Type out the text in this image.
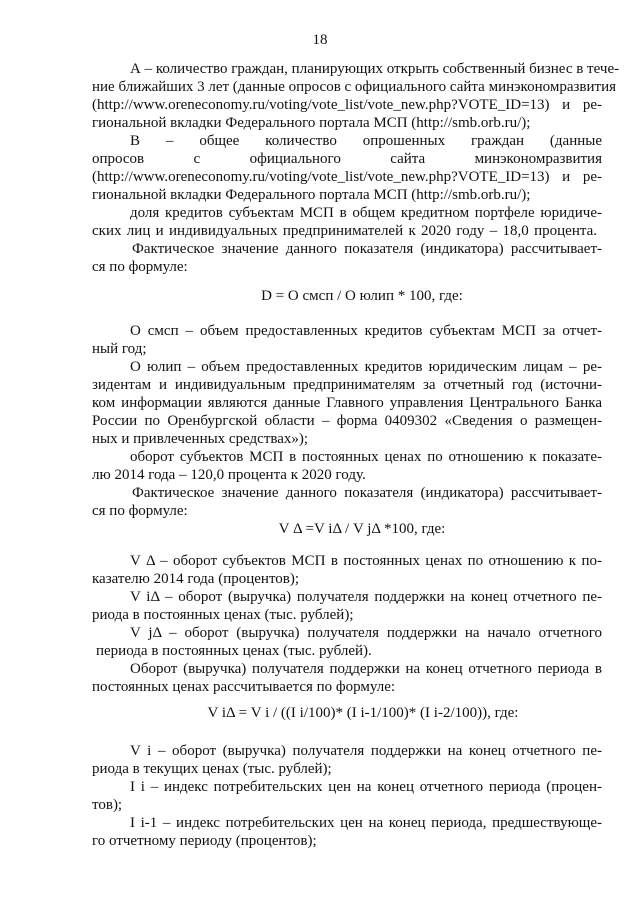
18
А – количество граждан, планирующих открыть собственный бизнес в тече-
ние ближайших 3 лет (данные опросов с официального сайта минэкономразвития
(http://www.oreneconomy.ru/voting/vote_list/vote_new.php?VOTE_ID=13) и ре-
гиональной вкладки Федерального портала МСП (http://smb.orb.ru/);
В – общее количество опрошенных граждан (данные
опросов с официального сайта минэкономразвития
(http://www.oreneconomy.ru/voting/vote_list/vote_new.php?VOTE_ID=13) и ре-
гиональной вкладки Федерального портала МСП (http://smb.orb.ru/);
доля кредитов субъектам МСП в общем кредитном портфеле юридиче-
ских лиц и индивидуальных предпринимателей к 2020 году – 18,0 процента.
Фактическое значение данного показателя (индикатора) рассчитывает-
ся по формуле:
D = O смсп / O юлип * 100, где:
О смсп – объем предоставленных кредитов субъектам МСП за отчет-
ный год;
О юлип – объем предоставленных кредитов юридическим лицам – ре-
зидентам и индивидуальным предпринимателям за отчетный год (источни-
ком информации являются данные Главного управления Центрального Банка
России по Оренбургской области – форма 0409302 «Сведения о размещен-
ных и привлеченных средствах»);
оборот субъектов МСП в постоянных ценах по отношению к показате-
лю 2014 года – 120,0 процента к 2020 году.
Фактическое значение данного показателя (индикатора) рассчитывает-
ся по формуле:
V Δ =V iΔ / V jΔ *100, где:
V Δ – оборот субъектов МСП в постоянных ценах по отношению к по-
казателю 2014 года (процентов);
V iΔ – оборот (выручка) получателя поддержки на конец отчетного пе-
риода в постоянных ценах (тыс. рублей);
V jΔ – оборот (выручка) получателя поддержки на начало отчетного
периода в постоянных ценах (тыс. рублей).
Оборот (выручка) получателя поддержки на конец отчетного периода в
постоянных ценах рассчитывается по формуле:
V iΔ = V i / ((I i/100)* (I i-1/100)* (I i-2/100)), где:
V i – оборот (выручка) получателя поддержки на конец отчетного пе-
риода в текущих ценах (тыс. рублей);
I i – индекс потребительских цен на конец отчетного периода (процен-
тов);
I i-1 – индекс потребительских цен на конец периода, предшествующе-
го отчетному периоду (процентов);
